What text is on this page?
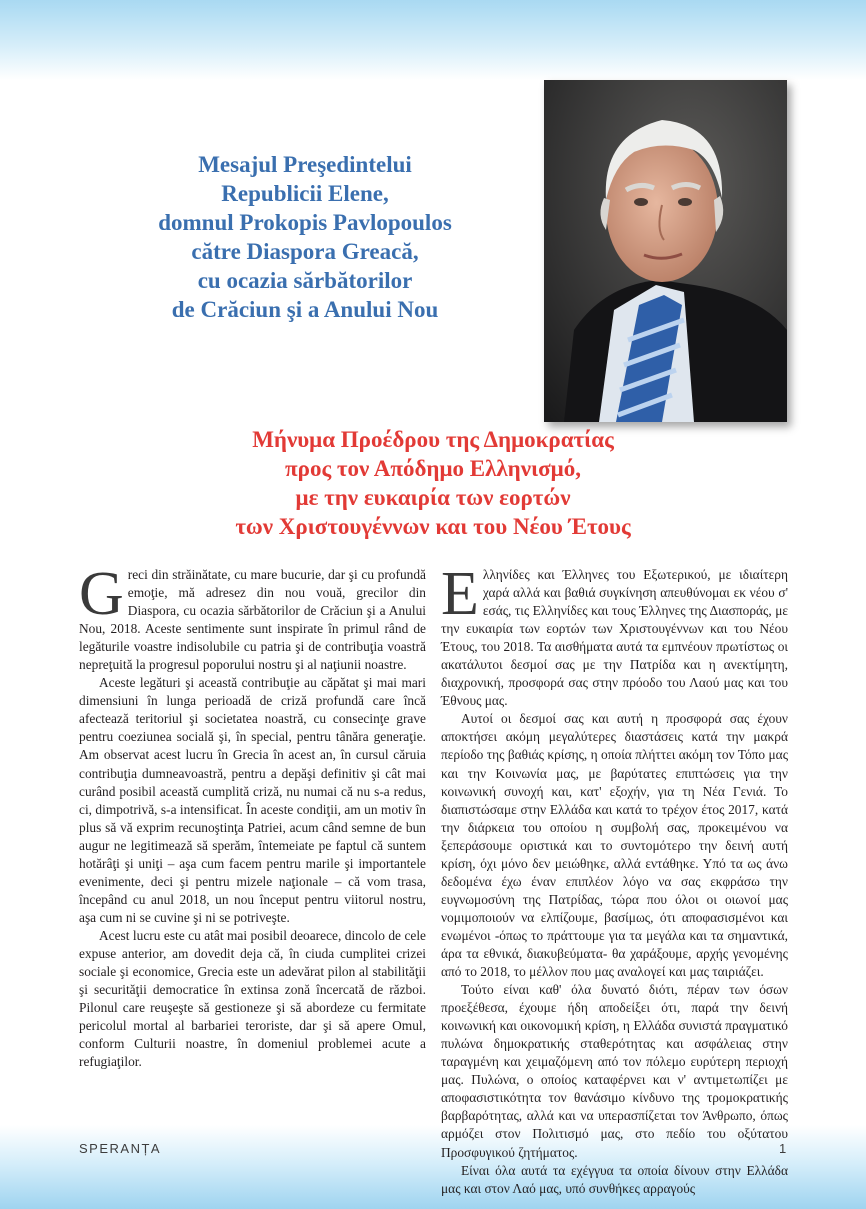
Mesajul Preşedintelui
Republicii Elene,
domnul Prokopis Pavlopoulos
către Diaspora Greacă,
cu ocazia sărbătorilor
de Crăciun şi a Anului Nou
Μήνυμα Προέδρου της Δημοκρατίας
προς τον Απόδημο Ελληνισμό,
με την ευκαιρία των εορτών
των Χριστουγέννων και του Νέου Έτους

Greci din străinătate, cu mare bucurie, dar şi cu profundă emoţie, mă adresez din nou vouă, grecilor din Diaspora, cu ocazia sărbătorilor de Crăciun şi a Anului Nou, 2018. Aceste sentimente sunt inspirate în primul rând de legăturile voastre indisolubile cu patria şi de contribuţia voastră nepreţuită la progresul poporului nostru şi al naţiunii noastre.

Aceste legături şi această contribuţie au căpătat şi mai mari dimensiuni în lunga perioadă de criză profundă care încă afectează teritoriul şi societatea noastră, cu consecinţe grave pentru coeziunea socială şi, în special, pentru tânăra generaţie. Am observat acest lucru în Grecia în acest an, în cursul căruia contribuţia dumneavoastră, pentru a depăşi definitiv şi cât mai curând posibil această cumplită criză, nu numai că nu s-a redus, ci, dimpotrivă, s-a intensificat. În aceste condiţii, am un motiv în plus să vă exprim recunoştinţa Patriei, acum când semne de bun augur ne legitimează să sperăm, întemeiate pe faptul că suntem hotărâţi şi uniţi – aşa cum facem pentru marile şi importantele evenimente, deci şi pentru mizele naţionale – că vom trasa, începând cu anul 2018, un nou început pentru viitorul nostru, aşa cum ni se cuvine şi ni se potriveşte.

Acest lucru este cu atât mai posibil deoarece, dincolo de cele expuse anterior, am dovedit deja că, în ciuda cumplitei crizei sociale şi economice, Grecia este un adevărat pilon al stabilităţii şi securităţii democratice în extinsa zonă încercată de război. Pilonul care reuşeşte să gestioneze şi să abordeze cu fermitate pericolul mortal al barbariei teroriste, dar şi să apere Omul, conform Culturii noastre, în domeniul problemei acute a refugiaţilor.

Ελληνίδες και Έλληνες του Εξωτερικού, με ιδιαίτερη χαρά αλλά και βαθιά συγκίνηση απευθύνομαι εκ νέου σ' εσάς, τις Ελληνίδες και τους Έλληνες της Διασποράς, με την ευκαιρία των εορτών των Χριστουγέννων και του Νέου Έτους, του 2018. Τα αισθήματα αυτά τα εμπνέουν πρωτίστως οι ακατάλυτοι δεσμοί σας με την Πατρίδα και η ανεκτίμητη, διαχρονική, προσφορά σας στην πρόοδο του Λαού μας και του Έθνους μας.

Αυτοί οι δεσμοί σας και αυτή η προσφορά σας έχουν αποκτήσει ακόμη μεγαλύτερες διαστάσεις κατά την μακρά περίοδο της βαθιάς κρίσης, η οποία πλήττει ακόμη τον Τόπο μας και την Κοινωνία μας, με βαρύτατες επιπτώσεις για την κοινωνική συνοχή και, κατ' εξοχήν, για τη Νέα Γενιά. Το διαπιστώσαμε στην Ελλάδα και κατά το τρέχον έτος 2017, κατά την διάρκεια του οποίου η συμβολή σας, προκειμένου να ξεπεράσουμε οριστικά και το συντομότερο την δεινή αυτή κρίση, όχι μόνο δεν μειώθηκε, αλλά εντάθηκε. Υπό τα ως άνω δεδομένα έχω έναν επιπλέον λόγο να σας εκφράσω την ευγνωμοσύνη της Πατρίδας, τώρα που όλοι οι οιωνοί μας νομιμοποιούν να ελπίζουμε, βασίμως, ότι αποφασισμένοι και ενωμένοι -όπως το πράττουμε για τα μεγάλα και τα σημαντικά, άρα τα εθνικά, διακυβεύματα- θα χαράξουμε, αρχής γενομένης από το 2018, το μέλλον που μας αναλογεί και μας ταιριάζει.

Τούτο είναι καθ' όλα δυνατό διότι, πέραν των όσων προεξέθεσα, έχουμε ήδη αποδείξει ότι, παρά την δεινή κοινωνική και οικονομική κρίση, η Ελλάδα συνιστά πραγματικό πυλώνα δημοκρατικής σταθερότητας και ασφάλειας στην ταραγμένη και χειμαζόμενη από τον πόλεμο ευρύτερη περιοχή μας. Πυλώνα, ο οποίος καταφέρνει και ν' αντιμετωπίζει με αποφασιστικότητα τον θανάσιμο κίνδυνο της τρομοκρατικής βαρβαρότητας, αλλά και να υπερασπίζεται τον Άνθρωπο, όπως αρμόζει στον Πολιτισμό μας, στο πεδίο του οξύτατου Προσφυγικού ζητήματος.

Είναι όλα αυτά τα εχέγγυα τα οποία δίνουν στην Ελλάδα μας και στον Λαό μας, υπό συνθήκες αρραγούς

SPERANȚA	1
